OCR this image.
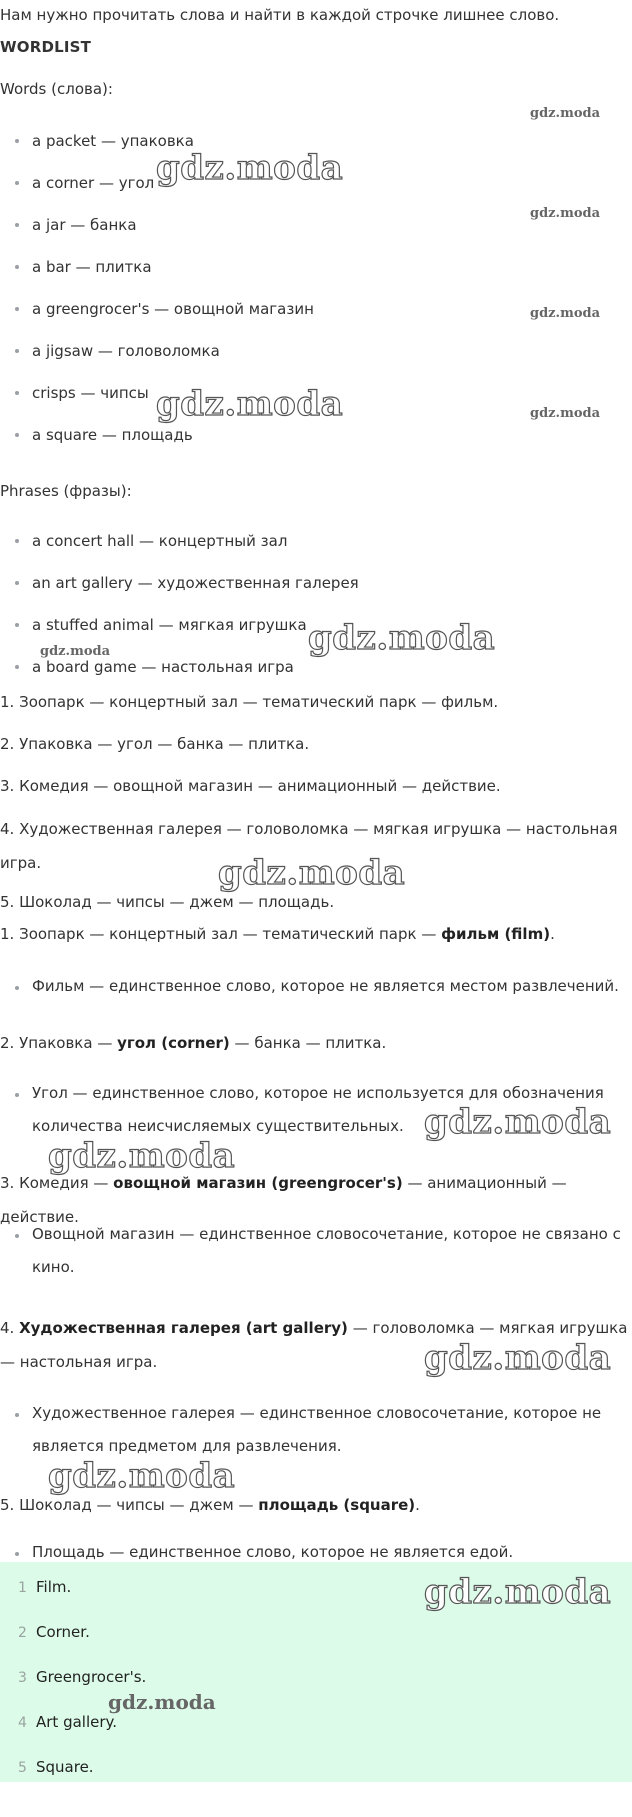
Нам нужно прочитать слова и найти в каждой строчке лишнее слово.
WORDLIST
Words (слова):
a packet — упаковка
a corner — угол
a jar — банка
a bar — плитка
a greengrocer's — овощной магазин
a jigsaw — головоломка
crisps — чипсы
a square — площадь
Phrases (фразы):
a concert hall — концертный зал
an art gallery — художественная галерея
a stuffed animal — мягкая игрушка
a board game — настольная игра
1. Зоопарк — концертный зал — тематический парк — фильм.
2. Упаковка — угол — банка — плитка.
3. Комедия — овощной магазин — анимационный — действие.
4. Художественная галерея — головоломка — мягкая игрушка — настольная игра.
5. Шоколад — чипсы — джем — площадь.
1. Зоопарк — концертный зал — тематический парк — фильм (film).
Фильм — единственное слово, которое не является местом развлечений.
2. Упаковка — угол (corner) — банка — плитка.
Угол — единственное слово, которое не используется для обозначения количества неисчисляемых существительных.
3. Комедия — овощной магазин (greengrocer's) — анимационный — действие.
Овощной магазин — единственное словосочетание, которое не связано с кино.
4. Художественная галерея (art gallery) — головоломка — мягкая игрушка — настольная игра.
Художественное галерея — единственное словосочетание, которое не является предметом для развлечения.
5. Шоколад — чипсы — джем — площадь (square).
Площадь — единственное слово, которое не является едой.
1 Film.
2 Corner.
3 Greengrocer's.
4 Art gallery.
5 Square.
gdz.moda
gdz.moda
gdz.moda
gdz.moda
gdz.moda	gdz.moda
gdz.moda
gdz.moda
gdz.moda
gdz.moda
gdz.moda
gdz.moda
gdz.moda
gdz.moda
gdz.moda
